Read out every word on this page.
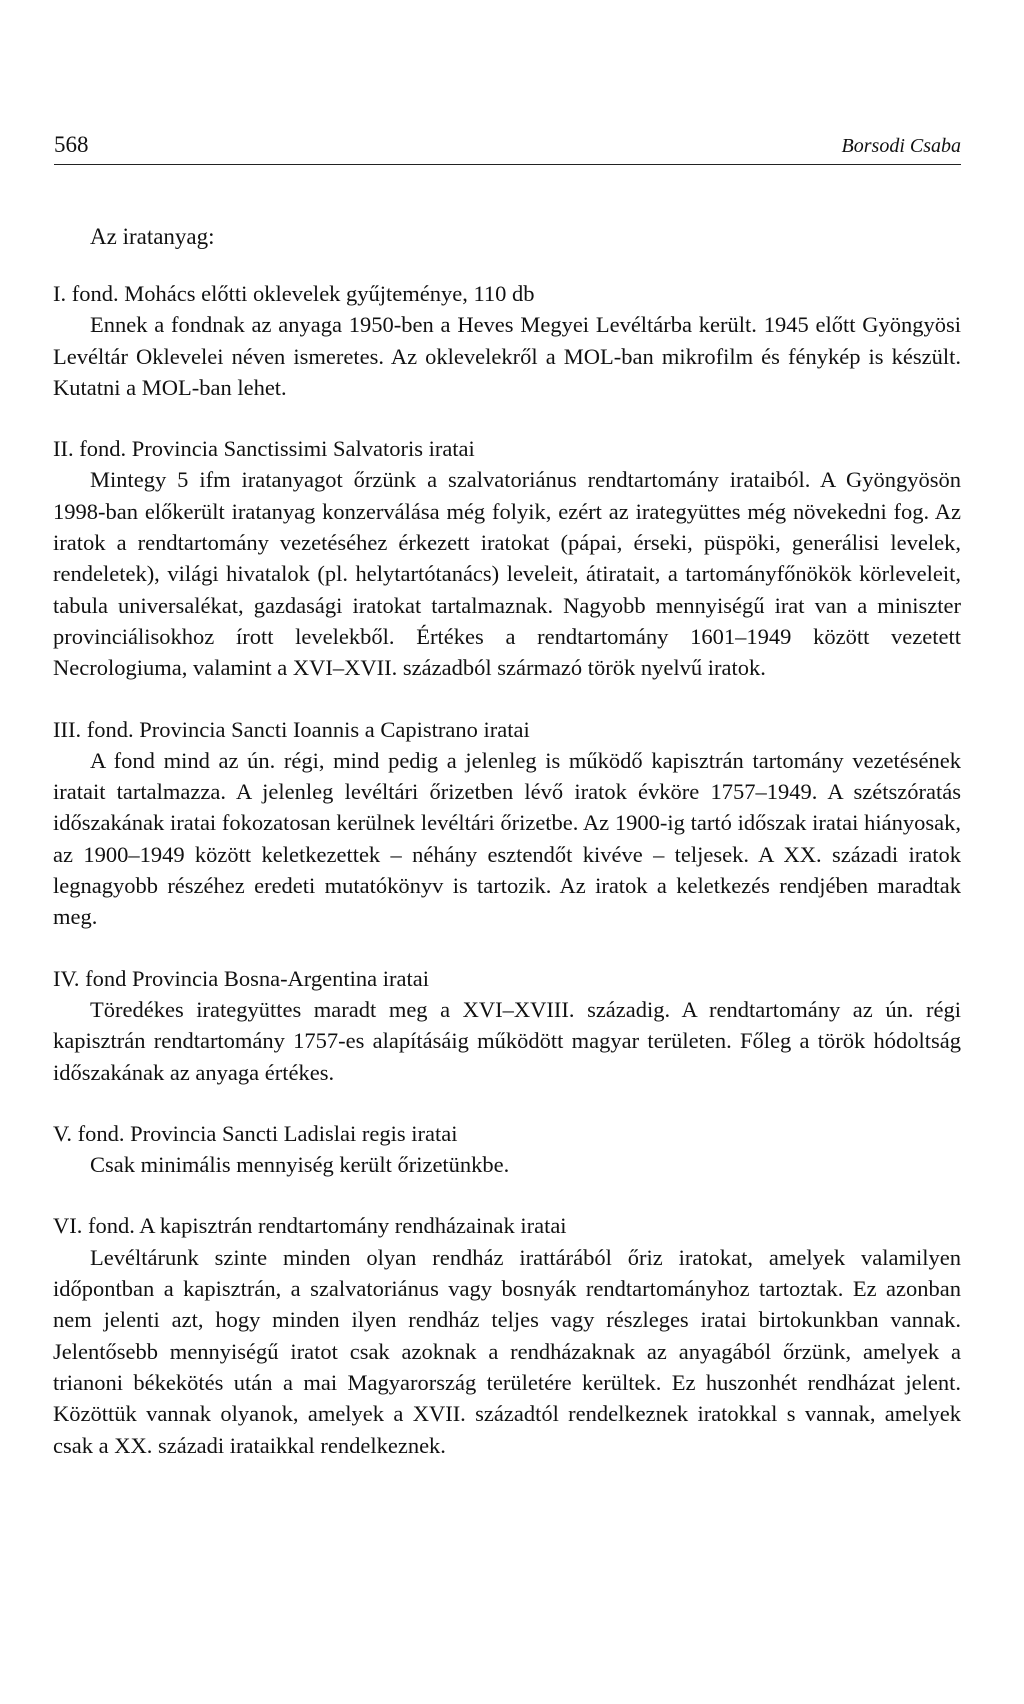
568	Borsodi Csaba
Az iratanyag:
I. fond. Mohács előtti oklevelek gyűjteménye, 110 db

Ennek a fondnak az anyaga 1950-ben a Heves Megyei Levéltárba került. 1945 előtt Gyöngyösi Levéltár Oklevelei néven ismeretes. Az oklevelekről a MOL-ban mikrofilm és fénykép is készült. Kutatni a MOL-ban lehet.

II. fond. Provincia Sanctissimi Salvatoris iratai

Mintegy 5 ifm iratanyagot őrzünk a szalvatoriánus rendtartomány irataiból. A Gyöngyösön 1998-ban előkerült iratanyag konzerválása még folyik, ezért az irategyüttes még növekedni fog. Az iratok a rendtartomány vezetéséhez érkezett iratokat (pápai, érseki, püspöki, generálisi levelek, rendeletek), világi hivatalok (pl. helytartótanács) leveleit, átiratait, a tartományfőnökök körleveleit, tabula universalékat, gazdasági iratokat tartalmaznak. Nagyobb mennyiségű irat van a miniszter provinciálisokhoz írott levelekből. Értékes a rendtartomány 1601–1949 között vezetett Necrologiuma, valamint a XVI–XVII. századból származó török nyelvű iratok.

III. fond. Provincia Sancti Ioannis a Capistrano iratai

A fond mind az ún. régi, mind pedig a jelenleg is működő kapisztrán tartomány vezetésének iratait tartalmazza. A jelenleg levéltári őrizetben lévő iratok évköre 1757–1949. A szétszóratás időszakának iratai fokozatosan kerülnek levéltári őrizetbe. Az 1900-ig tartó időszak iratai hiányosak, az 1900–1949 között keletkezettek – néhány esztendőt kivéve – teljesek. A XX. századi iratok legnagyobb részéhez eredeti mutatókönyv is tartozik. Az iratok a keletkezés rendjében maradtak meg.

IV. fond Provincia Bosna-Argentina iratai

Töredékes irategyüttes maradt meg a XVI–XVIII. századig. A rendtartomány az ún. régi kapisztrán rendtartomány 1757-es alapításáig működött magyar területen. Főleg a török hódoltság időszakának az anyaga értékes.

V. fond. Provincia Sancti Ladislai regis iratai

Csak minimális mennyiség került őrizetünkbe.

VI. fond. A kapisztrán rendtartomány rendházainak iratai

Levéltárunk szinte minden olyan rendház irattárából őriz iratokat, amelyek valamilyen időpontban a kapisztrán, a szalvatoriánus vagy bosnyák rendtartományhoz tartoztak. Ez azonban nem jelenti azt, hogy minden ilyen rendház teljes vagy részleges iratai birtokunkban vannak. Jelentősebb mennyiségű iratot csak azoknak a rendházaknak az anyagából őrzünk, amelyek a trianoni békekötés után a mai Magyarország területére kerültek. Ez huszonhét rendházat jelent. Közöttük vannak olyanok, amelyek a XVII. századtól rendelkeznek iratokkal s vannak, amelyek csak a XX. századi irataikkal rendelkeznek.
